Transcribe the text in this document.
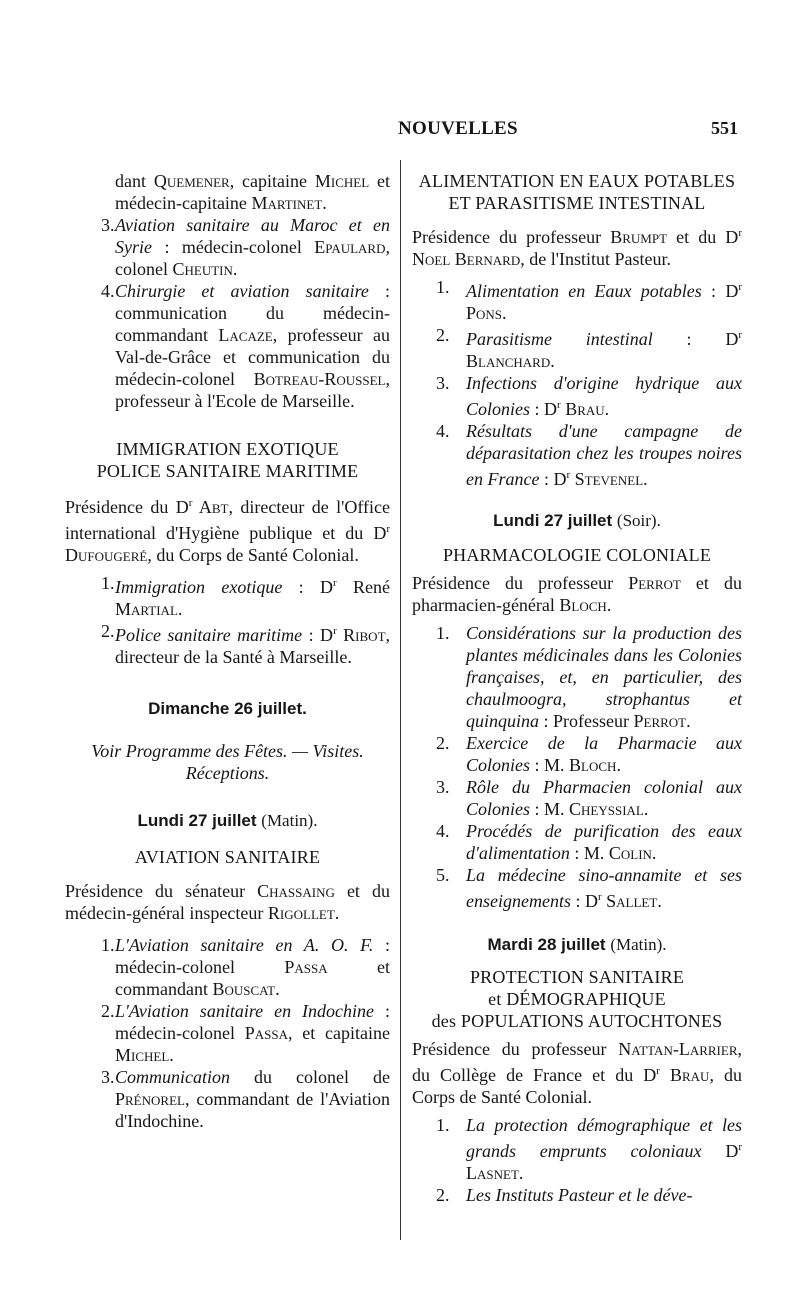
NOUVELLES	551

dant Quemener, capitaine Michel et médecin-capitaine Martinet.

3. Aviation sanitaire au Maroc et en Syrie : médecin-colonel Epaulard, colonel Cheutin.

4. Chirurgie et aviation sanitaire : communication du médecin-commandant Lacaze, professeur au Val-de-Grâce et communication du médecin-colonel Botreau-Roussel, professeur à l'Ecole de Marseille.

IMMIGRATION EXOTIQUE

POLICE SANITAIRE MARITIME

Présidence du $D^r$ Abt, directeur de l'Office international d'Hygiène publique et du $D^r$ Dufougeré, du Corps de Santé Colonial.

1. Immigration exotique : $D^r$ René Martial.

2. Police sanitaire maritime : $D^r$ Ribot, directeur de la Santé à Marseille.

Dimanche 26 juillet.

Voir Programme des Fêtes. — Visites.

Réceptions.

Lundi 27 juillet (Matin).

AVIATION SANITAIRE

Présidence du sénateur Chassaing et du médecin-général inspecteur Rigollet.

1. L'Aviation sanitaire en A. O. F. : médecin-colonel Passa et commandant Bouscat.

2. L'Aviation sanitaire en Indochine : médecin-colonel Passa, et capitaine Michel.

3. Communication du colonel de Prénorel, commandant de l'Aviation d'Indochine.

ALIMENTATION EN EAUX POTABLES

ET PARASITISME INTESTINAL

Présidence du professeur Brumpt et du $D^r$ Noel Bernard, de l'Institut Pasteur.

1. Alimentation en Eaux potables : $D^r$ Pons.

2. Parasitisme intestinal : $D^r$ Blanchard.

3. Infections d'origine hydrique aux Colonies : $D^r$ Brau.

4. Résultats d'une campagne de déparasitation chez les troupes noires en France : $D^r$ Stevenel.

Lundi 27 juillet (Soir).

PHARMACOLOGIE COLONIALE

Présidence du professeur Perrot et du pharmacien-général Bloch.

1. Considérations sur la production des plantes médicinales dans les Colonies françaises, et, en particulier, des chaulmoogra, strophantus et quinquina : Professeur Perrot.

2. Exercice de la Pharmacie aux Colonies : M. Bloch.

3. Rôle du Pharmacien colonial aux Colonies : M. Cheyssial.

4. Procédés de purification des eaux d'alimentation : M. Colin.

5. La médecine sino-annamite et ses enseignements : $D^r$ Sallet.

Mardi 28 juillet (Matin).

PROTECTION SANITAIRE

et DÉMOGRAPHIQUE

des POPULATIONS AUTOCHTONES

Présidence du professeur Nattan-Larrier, du Collège de France et du $D^r$ Brau, du Corps de Santé Colonial.

1. La protection démographique et les grands emprunts coloniaux $D^r$ Lasnet.

2. Les Instituts Pasteur et le déve-
